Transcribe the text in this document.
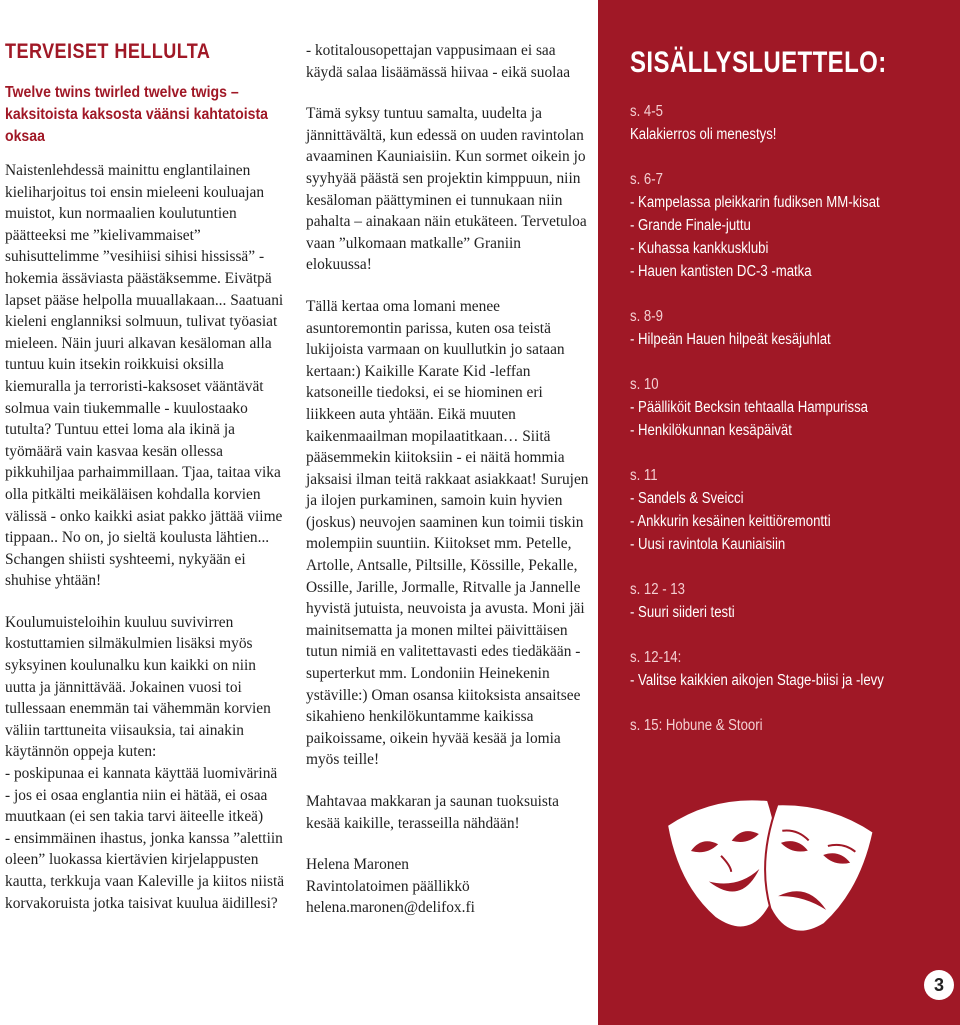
TERVEISET HELLULTA
Twelve twins twirled twelve twigs – kaksitoista kaksosta väänsi kahtatoista oksaa

Naistenlehdessä mainittu englantilainen kieliharjoitus toi ensin mieleeni kouluajan muistot, kun normaalien koulutuntien päätteeksi me ”kielivammaiset” suhisuttelimme ”vesihiisi sihisi hississä” -hokemia ässäviasta päästäksemme. Eivätpä lapset pääse helpolla muuallakaan... Saatuani kieleni englanniksi solmuun, tulivat työasiat mieleen. Näin juuri alkavan kesäloman alla tuntuu kuin itsekin roikkuisi oksilla kiemuralla ja terroristi-kaksoset vääntävät solmua vain tiukemmalle - kuulostaako tutulta? Tuntuu ettei loma ala ikinä ja työmäärä vain kasvaa kesän ollessa pikkuhiljaa parhaimmillaan. Tjaa, taitaa vika olla pitkälti meikäläisen kohdalla korvien välissä - onko kaikki asiat pakko jättää viime tippaan.. No on, jo sieltä koulusta lähtien... Schangen shiisti syshteemi, nykyään ei shuhise yhtään!

Koulumuisteloihin kuuluu suvivirren kostuttamien silmäkulmien lisäksi myös syksyinen koulunalku kun kaikki on niin uutta ja jännittävää. Jokainen vuosi toi tullessaan enemmän tai vähemmän korvien väliin tarttuneita viisauksia, tai ainakin käytännön oppeja kuten:

- poskipunaa ei kannata käyttää luomivärinä

- jos ei osaa englantia niin ei hätää, ei osaa muutkaan (ei sen takia tarvi äiteelle itkeä)

- ensimmäinen ihastus, jonka kanssa ”alettiin oleen” luokassa kiertävien kirjelappusten kautta, terkkuja vaan Kaleville ja kiitos niistä korvakoruista jotka taisivat kuulua äidillesi?

- kotitalousopettajan vappusimaan ei saa käydä salaa lisäämässä hiivaa - eikä suolaa

Tämä syksy tuntuu samalta, uudelta ja jännittävältä, kun edessä on uuden ravintolan avaaminen Kauniaisiin. Kun sormet oikein jo syyhyää päästä sen projektin kimppuun, niin kesäloman päättyminen ei tunnukaan niin pahalta – ainakaan näin etukäteen. Tervetuloa vaan ”ulkomaan matkalle” Graniin elokuussa!

Tällä kertaa oma lomani menee asuntoremontin parissa, kuten osa teistä lukijoista varmaan on kuullutkin jo sataan kertaan:) Kaikille Karate Kid -leffan katsoneille tiedoksi, ei se hiominen eri liikkeen auta yhtään. Eikä muuten kaikenmaailman mopilaatitkaan… Siitä pääsemmekin kiitoksiin - ei näitä hommia jaksaisi ilman teitä rakkaat asiakkaat! Surujen ja ilojen purkaminen, samoin kuin hyvien (joskus) neuvojen saaminen kun toimii tiskin molempiin suuntiin. Kiitokset mm. Petelle, Artolle, Antsalle, Piltsille, Kössille, Pekalle, Ossille, Jarille, Jormalle, Ritvalle ja Jannelle hyvistä jutuista, neuvoista ja avusta. Moni jäi mainitsematta ja monen miltei päivittäisen tutun nimiä en valitettavasti edes tiedäkään - superterkut mm. Londoniin Heinekenin ystäville:) Oman osansa kiitoksista ansaitsee sikahieno henkilökuntamme kaikissa paikoissame, oikein hyvää kesää ja lomia myös teille!

Mahtavaa makkaran ja saunan tuoksuista kesää kaikille, terasseilla nähdään!

Helena Maronen

Ravintolatoimen päällikkö

helena.maronen@delifox.fi

SISÄLLYSLUETTELO:
s. 4-5
Kalakierros oli menestys!
s. 6-7
- Kampelassa pleikkarin fudiksen MM-kisat
- Grande Finale-juttu
- Kuhassa kankkusklubi
- Hauen kantisten DC-3 -matka
s. 8-9
- Hilpeän Hauen hilpeät kesäjuhlat
s. 10
- Päälliköit Becksin tehtaalla Hampurissa
- Henkilökunnan kesäpäivät
s. 11
- Sandels & Sveicci
- Ankkurin kesäinen keittiöremontti
- Uusi ravintola Kauniaisiin
s. 12 - 13
- Suuri siideri testi
s. 12-14:
- Valitse kaikkien aikojen Stage-biisi ja -levy
s. 15: Hobune & Stoori
3
